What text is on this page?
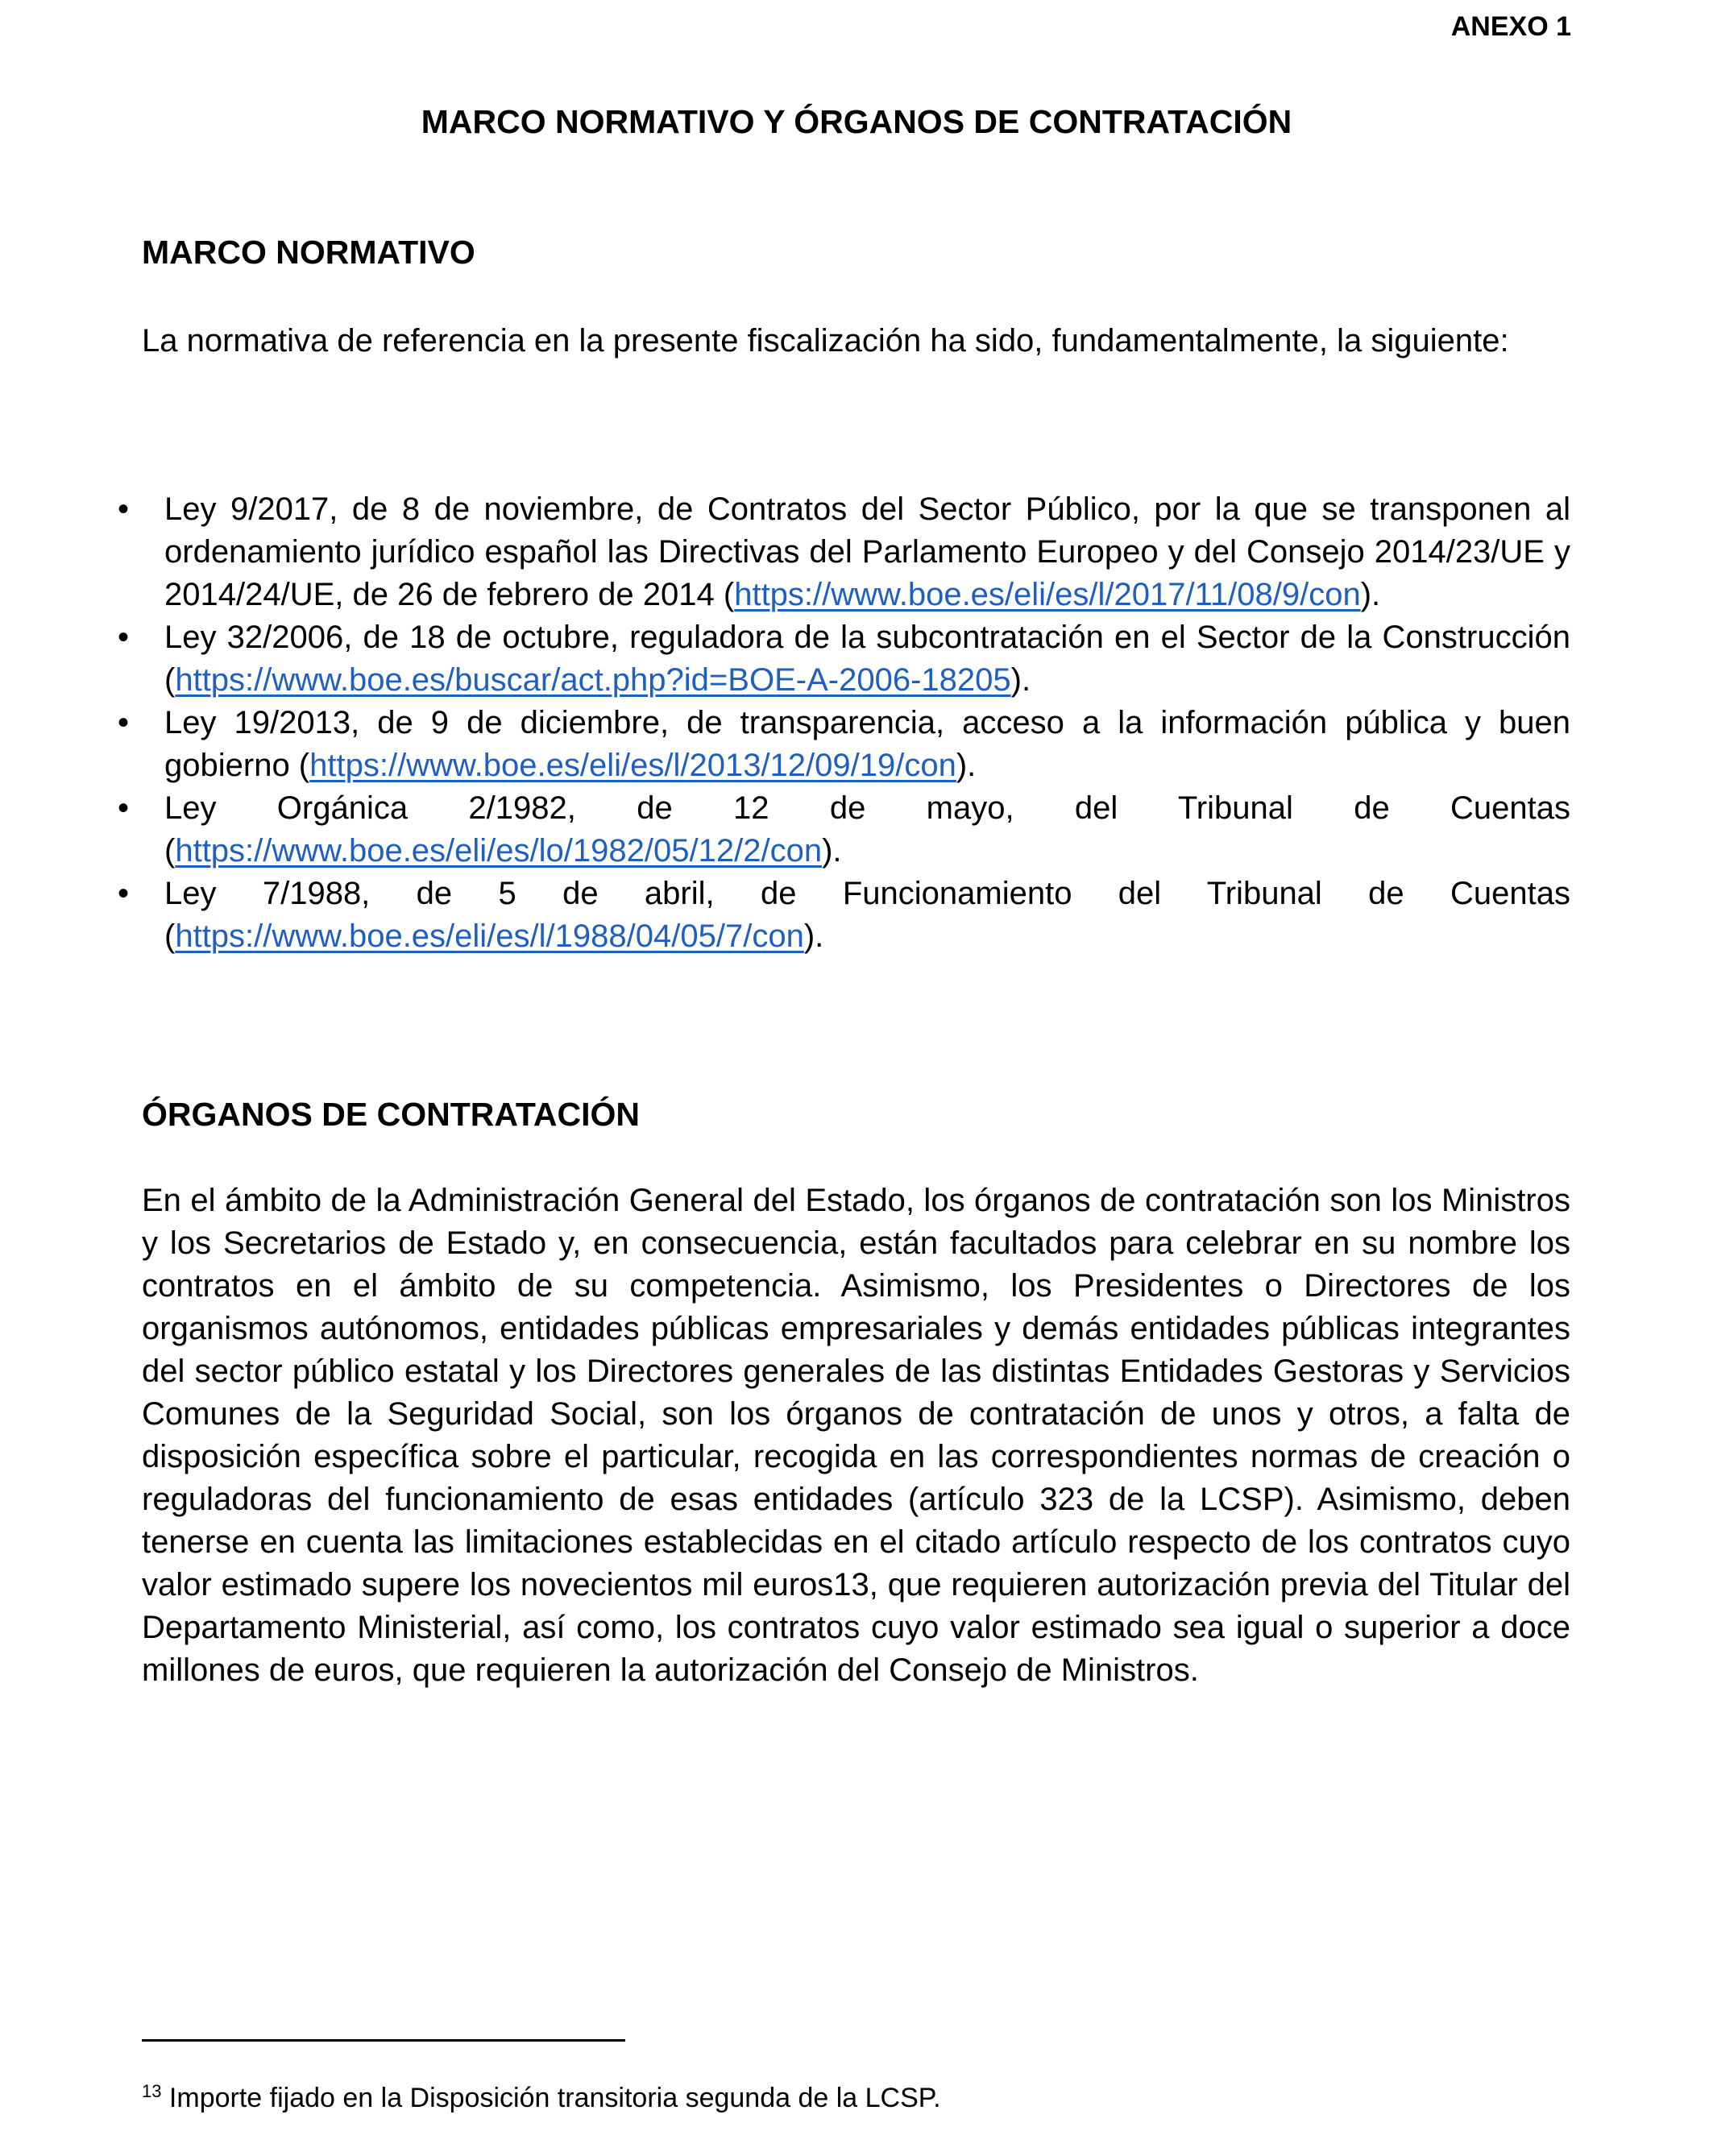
ANEXO 1
MARCO NORMATIVO Y ÓRGANOS DE CONTRATACIÓN
MARCO NORMATIVO
La normativa de referencia en la presente fiscalización ha sido, fundamentalmente, la siguiente:
• Ley 9/2017, de 8 de noviembre, de Contratos del Sector Público, por la que se transponen al ordenamiento jurídico español las Directivas del Parlamento Europeo y del Consejo 2014/23/UE y 2014/24/UE, de 26 de febrero de 2014 (https://www.boe.es/eli/es/l/2017/11/08/9/con).
• Ley 32/2006, de 18 de octubre, reguladora de la subcontratación en el Sector de la Construcción (https://www.boe.es/buscar/act.php?id=BOE-A-2006-18205).
• Ley 19/2013, de 9 de diciembre, de transparencia, acceso a la información pública y buen gobierno (https://www.boe.es/eli/es/l/2013/12/09/19/con).
• Ley Orgánica 2/1982, de 12 de mayo, del Tribunal de Cuentas
(https://www.boe.es/eli/es/lo/1982/05/12/2/con).
• Ley 7/1988, de 5 de abril, de Funcionamiento del Tribunal de Cuentas
(https://www.boe.es/eli/es/l/1988/04/05/7/con).
ÓRGANOS DE CONTRATACIÓN
En el ámbito de la Administración General del Estado, los órganos de contratación son los Ministros y los Secretarios de Estado y, en consecuencia, están facultados para celebrar en su nombre los contratos en el ámbito de su competencia. Asimismo, los Presidentes o Directores de los organismos autónomos, entidades públicas empresariales y demás entidades públicas integrantes del sector público estatal y los Directores generales de las distintas Entidades Gestoras y Servicios Comunes de la Seguridad Social, son los órganos de contratación de unos y otros, a falta de disposición específica sobre el particular, recogida en las correspondientes normas de creación o reguladoras del funcionamiento de esas entidades (artículo 323 de la LCSP). Asimismo, deben tenerse en cuenta las limitaciones establecidas en el citado artículo respecto de los contratos cuyo valor estimado supere los novecientos mil euros13, que requieren autorización previa del Titular del Departamento Ministerial, así como, los contratos cuyo valor estimado sea igual o superior a doce millones de euros, que requieren la autorización del Consejo de Ministros.
$^{13}$ Importe fijado en la Disposición transitoria segunda de la LCSP.
